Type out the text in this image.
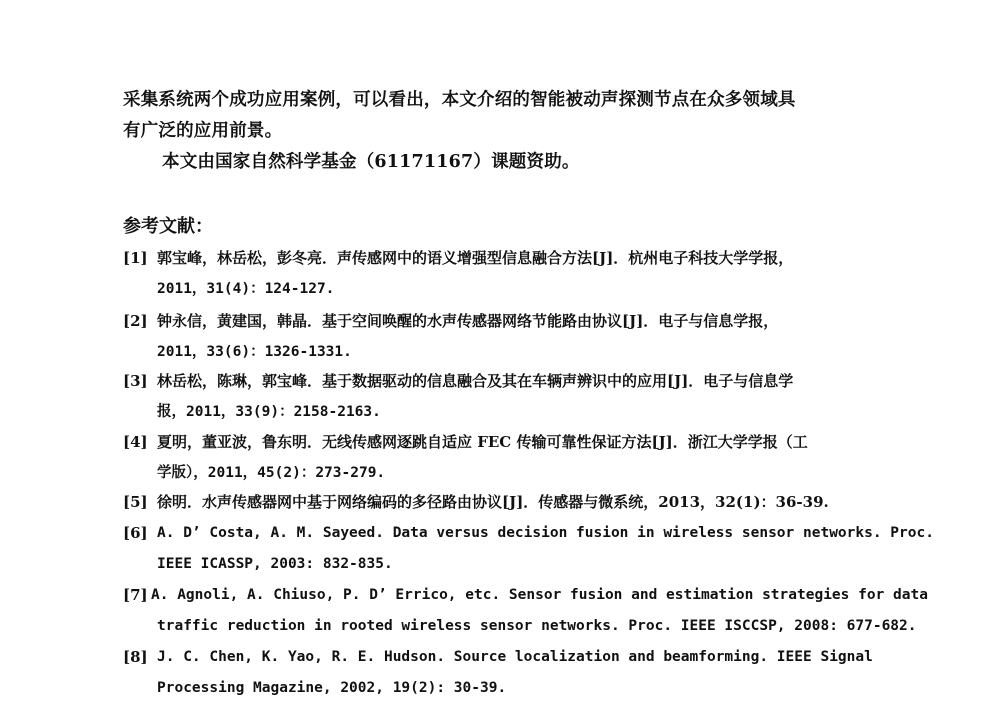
采集系统两个成功应用案例，可以看出，本文介绍的智能被动声探测节点在众多领域具
有广泛的应用前景。
本文由国家自然科学基金（61171167）课题资助。
参考文献：
[1] 郭宝峰，林岳松，彭冬亮．声传感网中的语义增强型信息融合方法[J]．杭州电子科技大学学报，
2011，31(4)：124-127.
[2] 钟永信，黄建国，韩晶．基于空间唤醒的水声传感器网络节能路由协议[J]．电子与信息学报，
2011，33(6)：1326-1331.
[3] 林岳松，陈琳，郭宝峰．基于数据驱动的信息融合及其在车辆声辨识中的应用[J]．电子与信息学
报，2011，33(9)：2158-2163.
[4] 夏明，董亚波，鲁东明．无线传感网逐跳自适应 FEC 传输可靠性保证方法[J]．浙江大学学报（工
学版），2011，45(2)：273-279.
[5] 徐明．水声传感器网中基于网络编码的多径路由协议[J]．传感器与微系统，2013，32(1)：36-39.
[6] A. D’ Costa, A. M. Sayeed. Data versus decision fusion in wireless sensor networks. Proc.
IEEE ICASSP, 2003: 832-835.
[7] A. Agnoli, A. Chiuso, P. D’ Errico, etc. Sensor fusion and estimation strategies for data
traffic reduction in rooted wireless sensor networks. Proc. IEEE ISCCSP, 2008: 677-682.
[8] J. C. Chen, K. Yao, R. E. Hudson. Source localization and beamforming. IEEE Signal
Processing Magazine, 2002, 19(2): 30-39.
